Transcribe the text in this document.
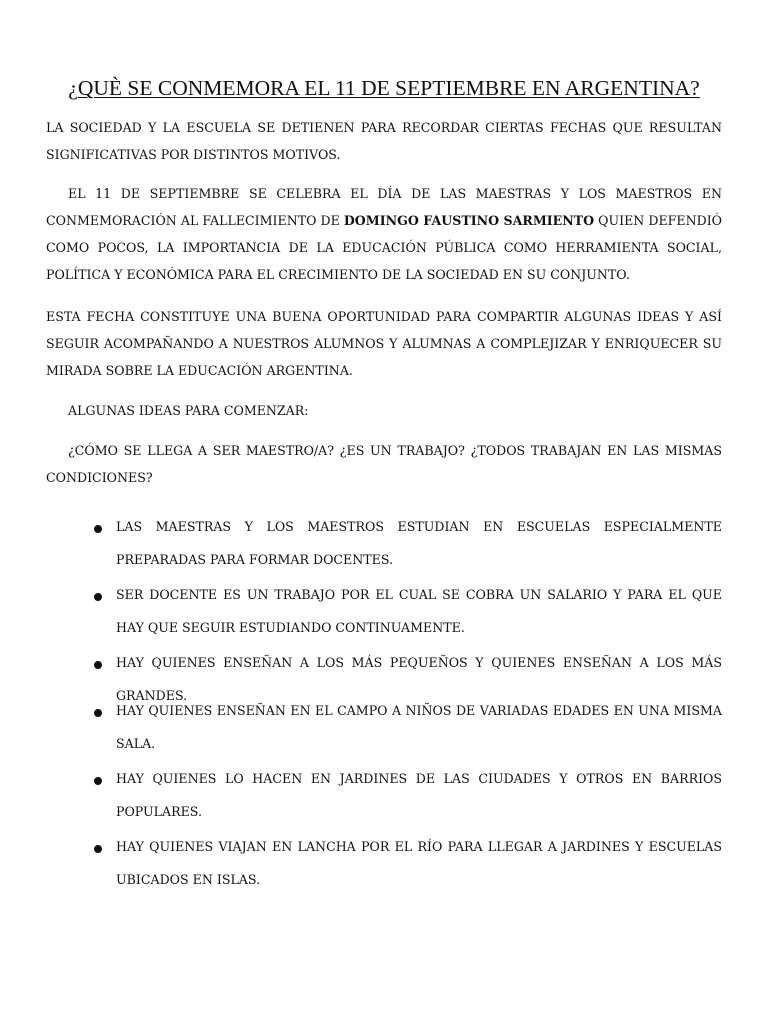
¿QUÈ SE CONMEMORA EL 11 DE SEPTIEMBRE EN ARGENTINA?

LA SOCIEDAD Y LA ESCUELA SE DETIENEN PARA RECORDAR CIERTAS FECHAS QUE RESULTAN SIGNIFICATIVAS POR DISTINTOS MOTIVOS.

EL 11 DE SEPTIEMBRE SE CELEBRA EL DÍA DE LAS MAESTRAS Y LOS MAESTROS EN CONMEMORACIÓN AL FALLECIMIENTO DE DOMINGO FAUSTINO SARMIENTO QUIEN DEFENDIÓ COMO POCOS, LA IMPORTANCIA DE LA EDUCACIÓN PÚBLICA COMO HERRAMIENTA SOCIAL, POLÍTICA Y ECONÓMICA PARA EL CRECIMIENTO DE LA SOCIEDAD EN SU CONJUNTO.

ESTA FECHA CONSTITUYE UNA BUENA OPORTUNIDAD PARA COMPARTIR ALGUNAS IDEAS Y ASÍ SEGUIR ACOMPAÑANDO A NUESTROS ALUMNOS Y ALUMNAS A COMPLEJIZAR Y ENRIQUECER SU MIRADA SOBRE LA EDUCACIÓN ARGENTINA.

ALGUNAS IDEAS PARA COMENZAR:

¿CÓMO SE LLEGA A SER MAESTRO/A? ¿ES UN TRABAJO? ¿TODOS TRABAJAN EN LAS MISMAS CONDICIONES?

LAS MAESTRAS Y LOS MAESTROS ESTUDIAN EN ESCUELAS ESPECIALMENTE PREPARADAS PARA FORMAR DOCENTES.

SER DOCENTE ES UN TRABAJO POR EL CUAL SE COBRA UN SALARIO Y PARA EL QUE HAY QUE SEGUIR ESTUDIANDO CONTINUAMENTE.

HAY QUIENES ENSEÑAN A LOS MÁS PEQUEÑOS Y QUIENES ENSEÑAN A LOS MÁS GRANDES.

HAY QUIENES ENSEÑAN EN EL CAMPO A NIÑOS DE VARIADAS EDADES EN UNA MISMA SALA.

HAY QUIENES LO HACEN EN JARDINES DE LAS CIUDADES Y OTROS EN BARRIOS POPULARES.

HAY QUIENES VIAJAN EN LANCHA POR EL RÍO PARA LLEGAR A JARDINES Y ESCUELAS UBICADOS EN ISLAS.
